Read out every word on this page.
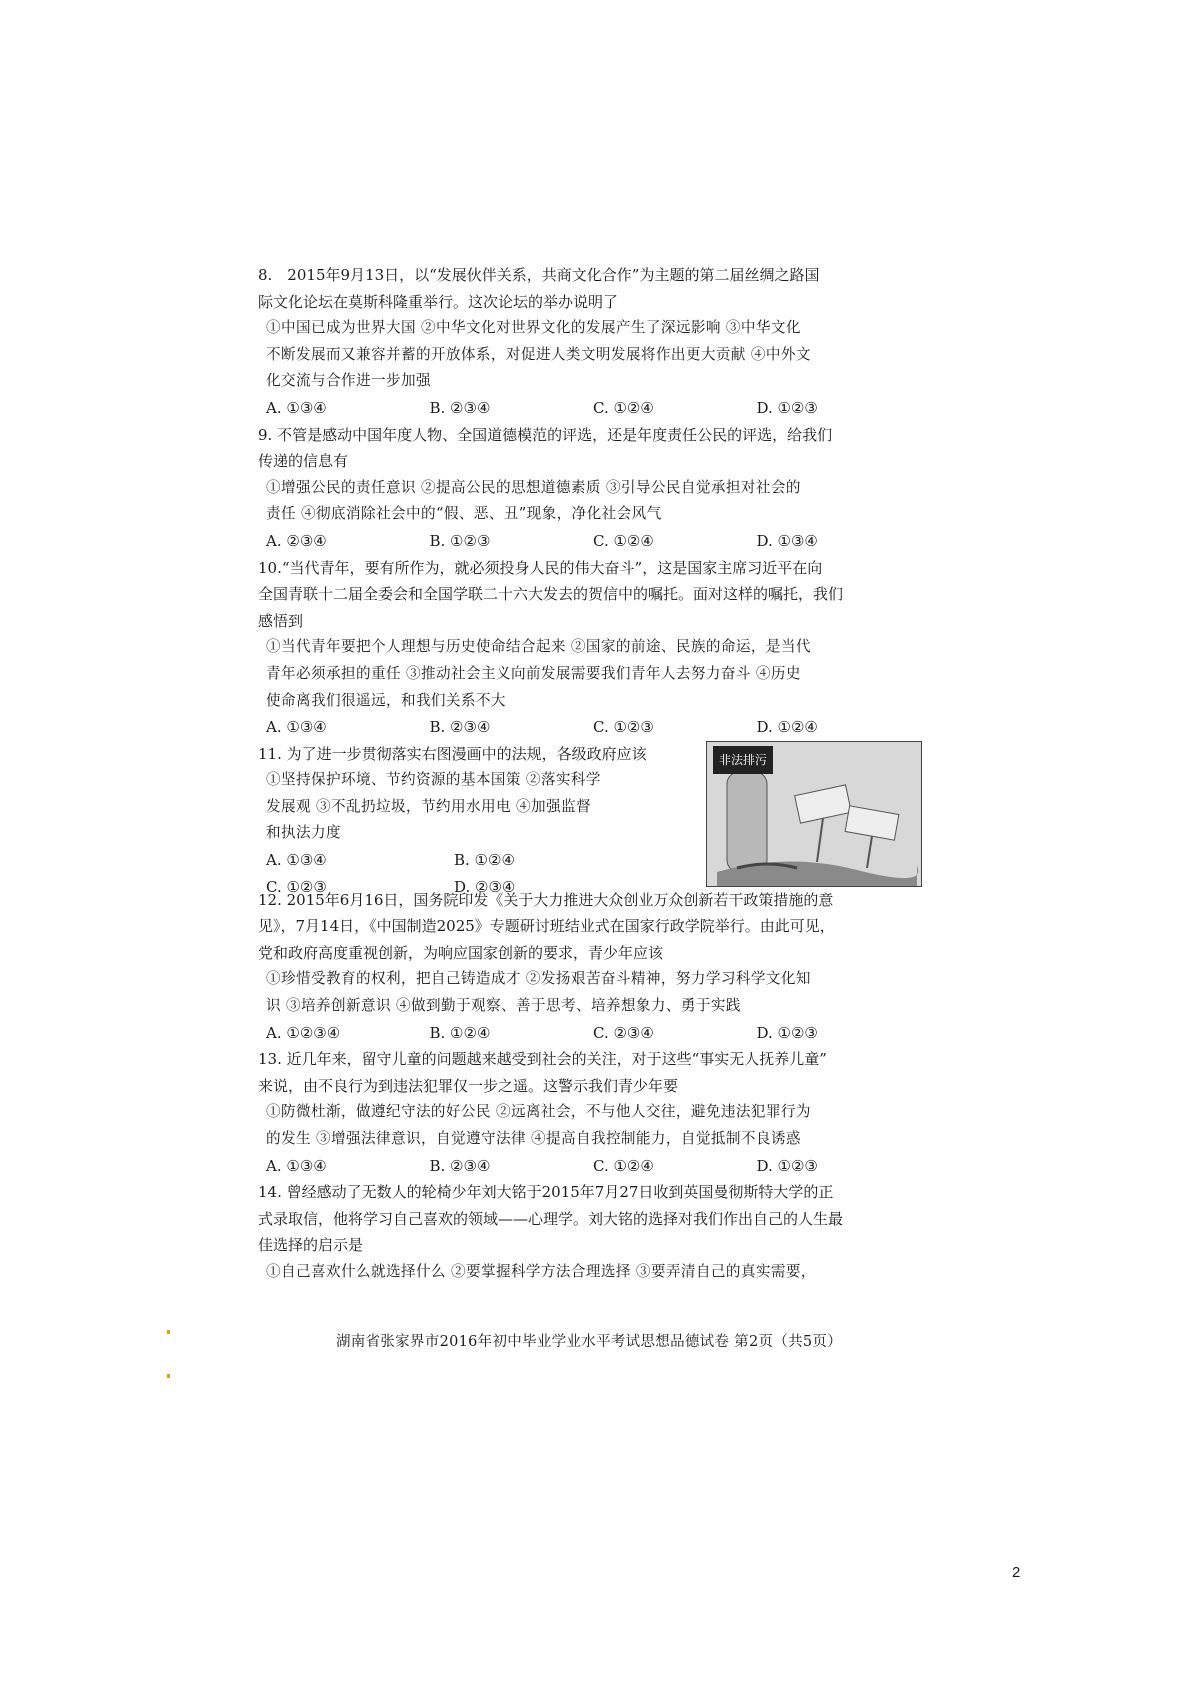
8.　2015年9月13日，以“发展伙伴关系，共商文化合作”为主题的第二届丝绸之路国

际文化论坛在莫斯科隆重举行。这次论坛的举办说明了

①中国已成为世界大国 ②中华文化对世界文化的发展产生了深远影响 ③中华文化

不断发展而又兼容并蓄的开放体系，对促进人类文明发展将作出更大贡献 ④中外文

化交流与合作进一步加强

A. ①③④	B. ②③④	C. ①②④	D. ①②③

9. 不管是感动中国年度人物、全国道德模范的评选，还是年度责任公民的评选，给我们

传递的信息有

①增强公民的责任意识 ②提高公民的思想道德素质 ③引导公民自觉承担对社会的

责任 ④彻底消除社会中的“假、恶、丑”现象，净化社会风气

A. ②③④	B. ①②③	C. ①②④	D. ①③④

10.“当代青年，要有所作为，就必须投身人民的伟大奋斗”，这是国家主席习近平在向

全国青联十二届全委会和全国学联二十六大发去的贺信中的嘱托。面对这样的嘱托，我们

感悟到

①当代青年要把个人理想与历史使命结合起来 ②国家的前途、民族的命运，是当代

青年必须承担的重任 ③推动社会主义向前发展需要我们青年人去努力奋斗 ④历史

使命离我们很遥远，和我们关系不大

A. ①③④	B. ②③④	C. ①②③	D. ①②④

11. 为了进一步贯彻落实右图漫画中的法规，各级政府应该

①坚持保护环境、节约资源的基本国策 ②落实科学

发展观 ③不乱扔垃圾，节约用水用电 ④加强监督

和执法力度

A. ①③④	B. ①②④
C. ①②③	D. ②③④
非法排污

12. 2015年6月16日，国务院印发《关于大力推进大众创业万众创新若干政策措施的意

见》，7月14日，《中国制造2025》专题研讨班结业式在国家行政学院举行。由此可见，

党和政府高度重视创新，为响应国家创新的要求，青少年应该

①珍惜受教育的权利，把自己铸造成才 ②发扬艰苦奋斗精神，努力学习科学文化知

识 ③培养创新意识 ④做到勤于观察、善于思考、培养想象力、勇于实践

A. ①②③④	B. ①②④	C. ②③④	D. ①②③

13. 近几年来，留守儿童的问题越来越受到社会的关注，对于这些“事实无人抚养儿童”

来说，由不良行为到违法犯罪仅一步之遥。这警示我们青少年要

①防微杜渐，做遵纪守法的好公民 ②远离社会，不与他人交往，避免违法犯罪行为

的发生 ③增强法律意识，自觉遵守法律 ④提高自我控制能力，自觉抵制不良诱惑

A. ①③④	B. ②③④	C. ①②④	D. ①②③

14. 曾经感动了无数人的轮椅少年刘大铭于2015年7月27日收到英国曼彻斯特大学的正

式录取信，他将学习自己喜欢的领域——心理学。刘大铭的选择对我们作出自己的人生最

佳选择的启示是

①自己喜欢什么就选择什么 ②要掌握科学方法合理选择 ③要弄清自己的真实需要，

湖南省张家界市2016年初中毕业学业水平考试思想品德试卷 第2页（共5页）
2
